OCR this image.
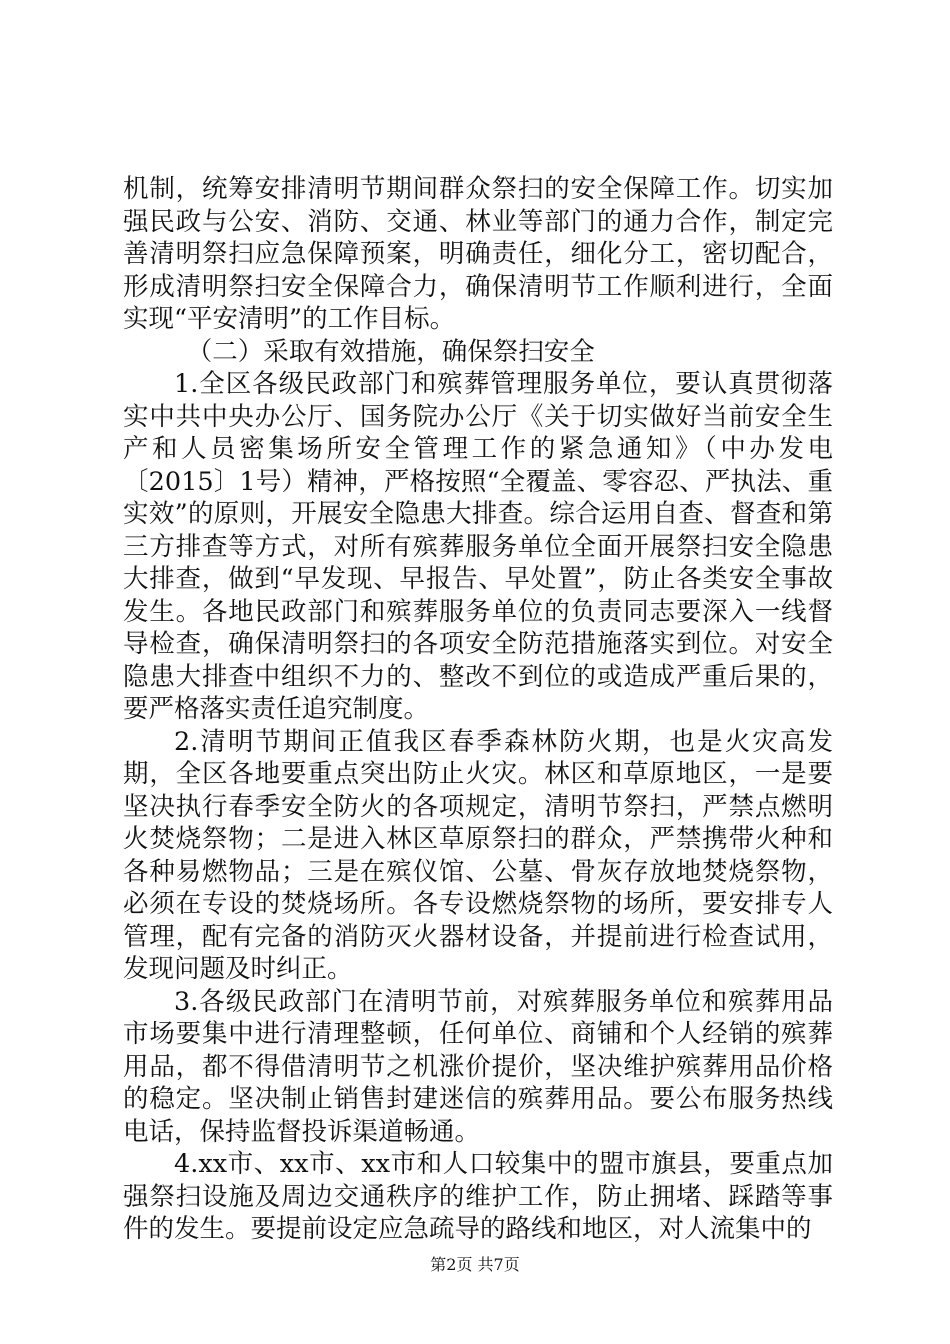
机制，统筹安排清明节期间群众祭扫的安全保障工作。切实加强民政与公安、消防、交通、林业等部门的通力合作，制定完善清明祭扫应急保障预案，明确责任，细化分工，密切配合，形成清明祭扫安全保障合力，确保清明节工作顺利进行，全面实现“平安清明”的工作目标。

（二）采取有效措施，确保祭扫安全

1.全区各级民政部门和殡葬管理服务单位，要认真贯彻落实中共中央办公厅、国务院办公厅《关于切实做好当前安全生产和人员密集场所安全管理工作的紧急通知》（中办发电〔2015〕1号）精神，严格按照“全覆盖、零容忍、严执法、重实效”的原则，开展安全隐患大排查。综合运用自查、督查和第三方排查等方式，对所有殡葬服务单位全面开展祭扫安全隐患大排查，做到“早发现、早报告、早处置”，防止各类安全事故发生。各地民政部门和殡葬服务单位的负责同志要深入一线督导检查，确保清明祭扫的各项安全防范措施落实到位。对安全隐患大排查中组织不力的、整改不到位的或造成严重后果的，要严格落实责任追究制度。

2.清明节期间正值我区春季森林防火期，也是火灾高发期，全区各地要重点突出防止火灾。林区和草原地区，一是要坚决执行春季安全防火的各项规定，清明节祭扫，严禁点燃明火焚烧祭物；二是进入林区草原祭扫的群众，严禁携带火种和各种易燃物品；三是在殡仪馆、公墓、骨灰存放地焚烧祭物，必须在专设的焚烧场所。各专设燃烧祭物的场所，要安排专人管理，配有完备的消防灭火器材设备，并提前进行检查试用，发现问题及时纠正。

3.各级民政部门在清明节前，对殡葬服务单位和殡葬用品市场要集中进行清理整顿，任何单位、商铺和个人经销的殡葬用品，都不得借清明节之机涨价提价，坚决维护殡葬用品价格的稳定。坚决制止销售封建迷信的殡葬用品。要公布服务热线电话，保持监督投诉渠道畅通。

4.xx市、xx市、xx市和人口较集中的盟市旗县，要重点加强祭扫设施及周边交通秩序的维护工作，防止拥堵、踩踏等事件的发生。要提前设定应急疏导的路线和地区，对人流集中的

第2页 共7页
